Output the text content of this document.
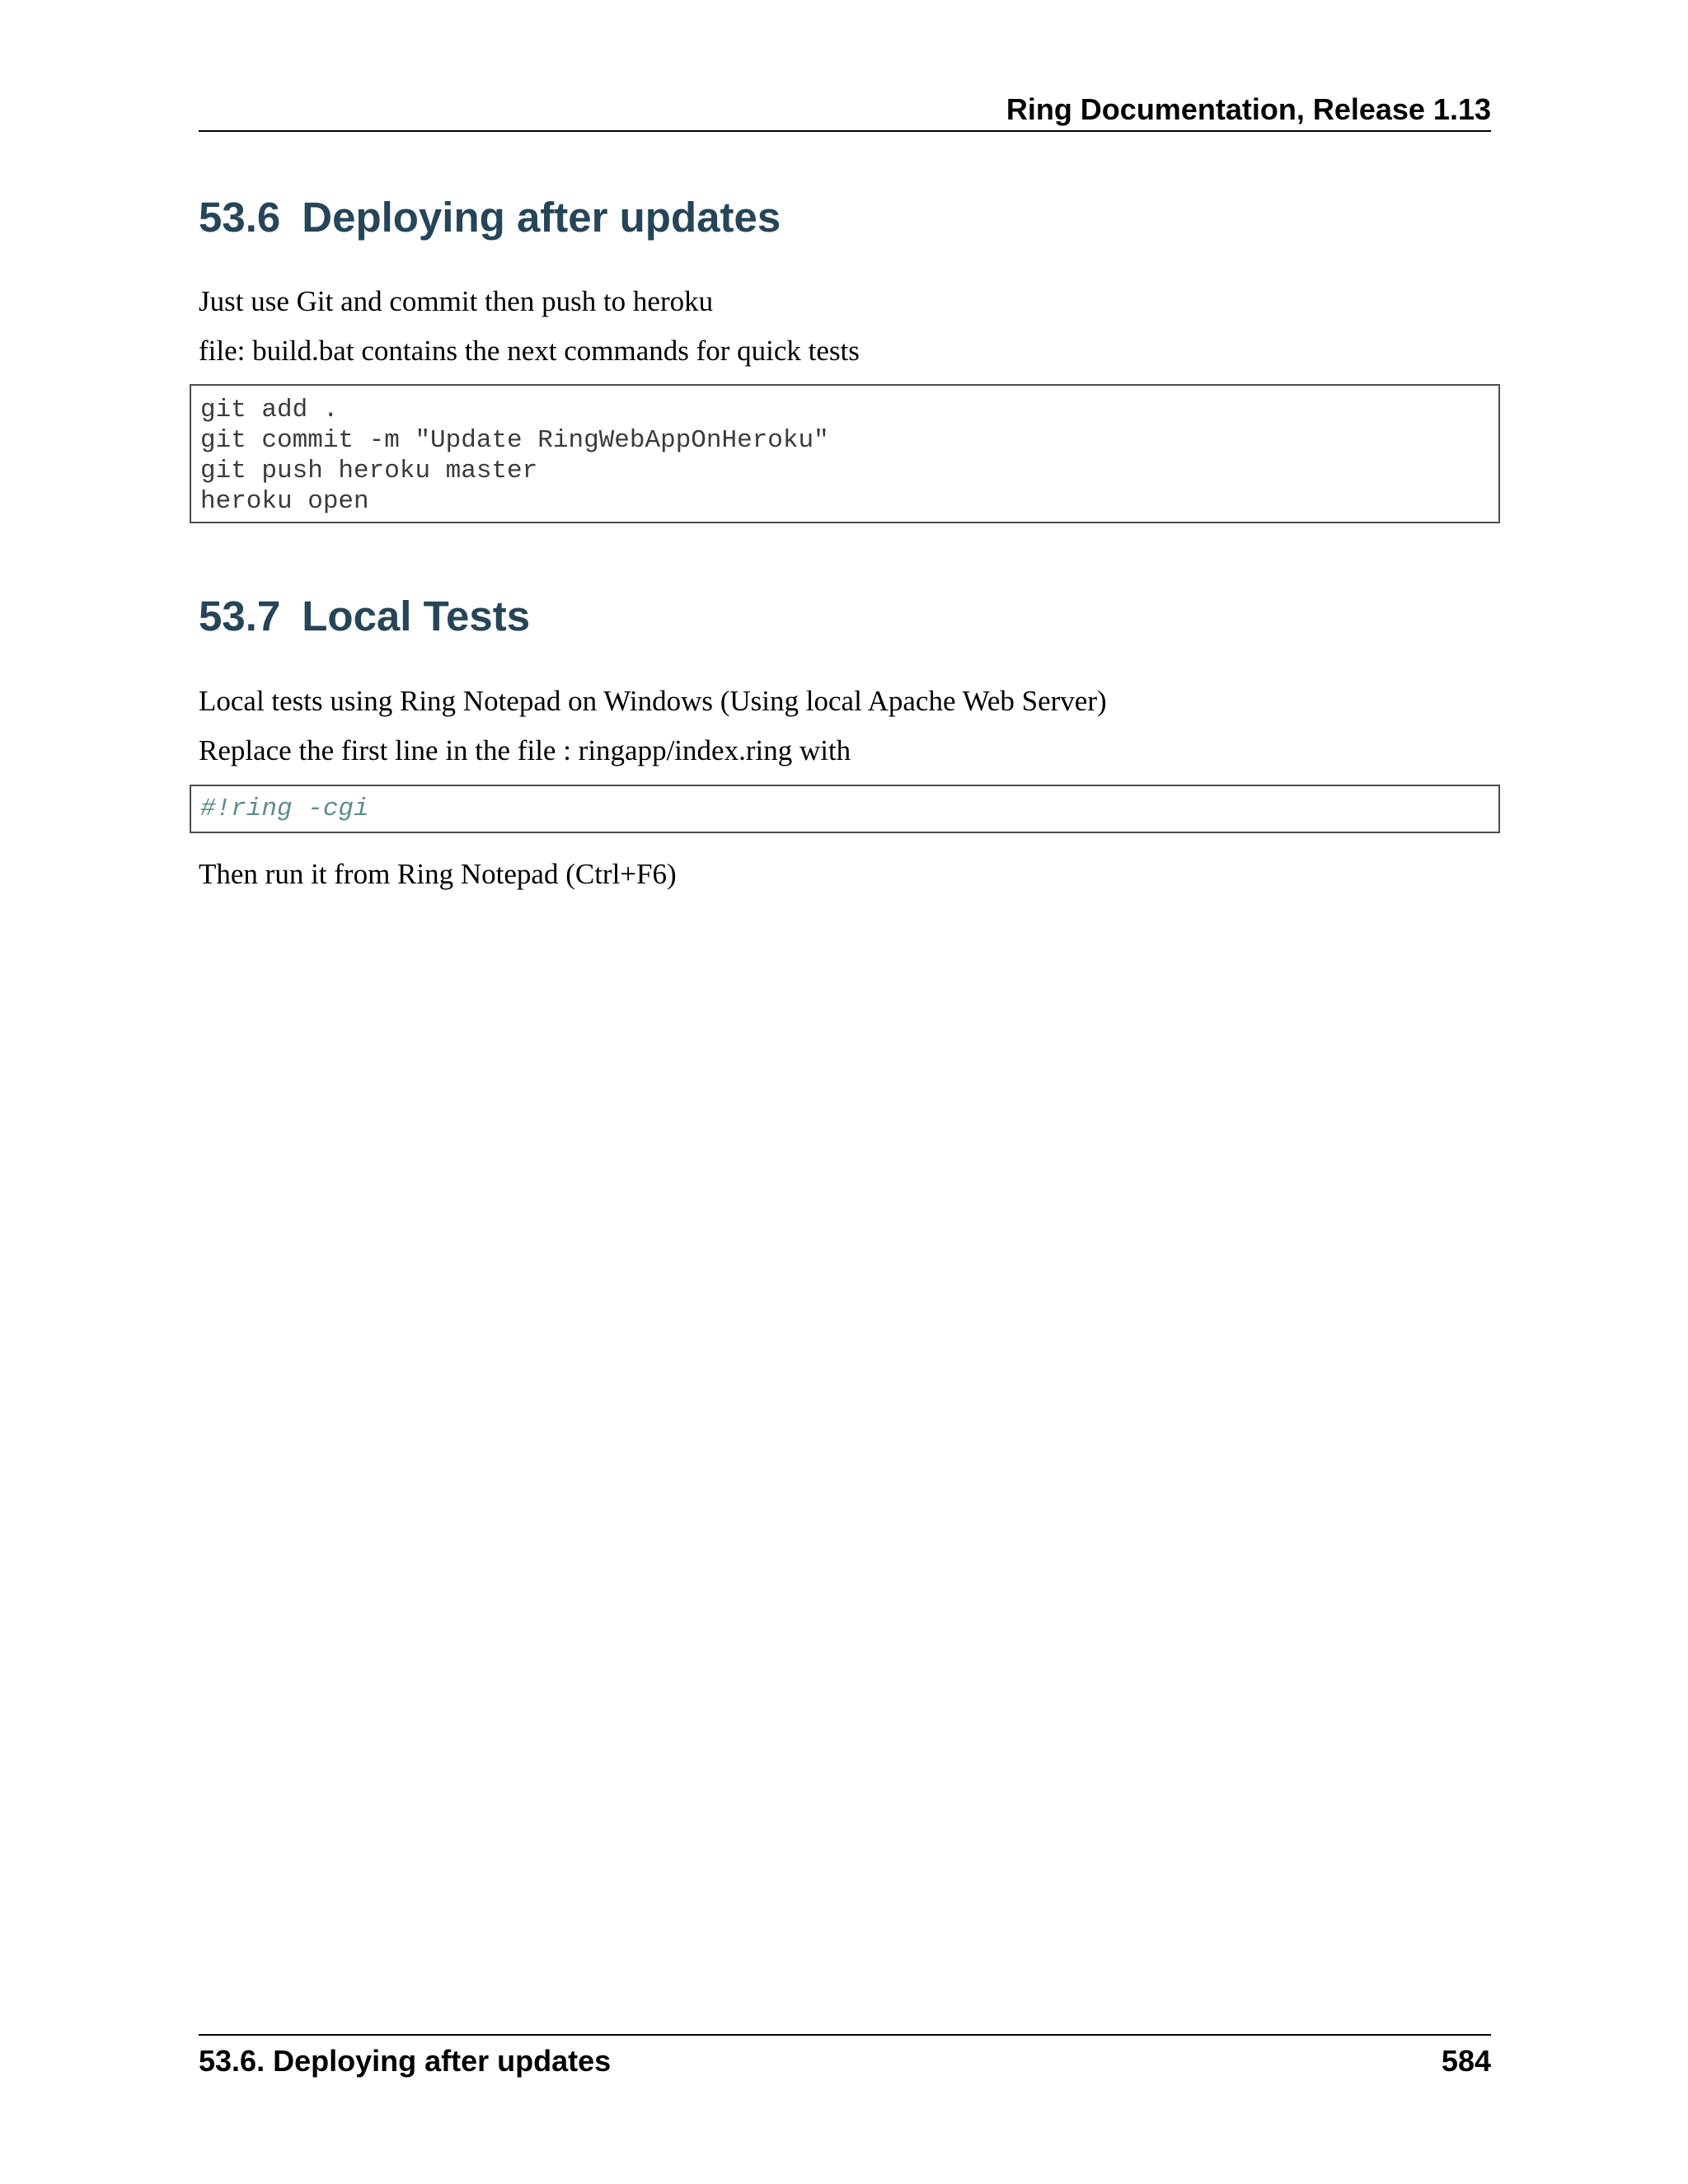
Ring Documentation, Release 1.13
53.6 Deploying after updates

Just use Git and commit then push to heroku

file: build.bat contains the next commands for quick tests

git add .
git commit -m "Update RingWebAppOnHeroku"
git push heroku master
heroku open
53.7 Local Tests

Local tests using Ring Notepad on Windows (Using local Apache Web Server)

Replace the first line in the file : ringapp/index.ring with

#!ring -cgi

Then run it from Ring Notepad (Ctrl+F6)

53.6. Deploying after updates	584
